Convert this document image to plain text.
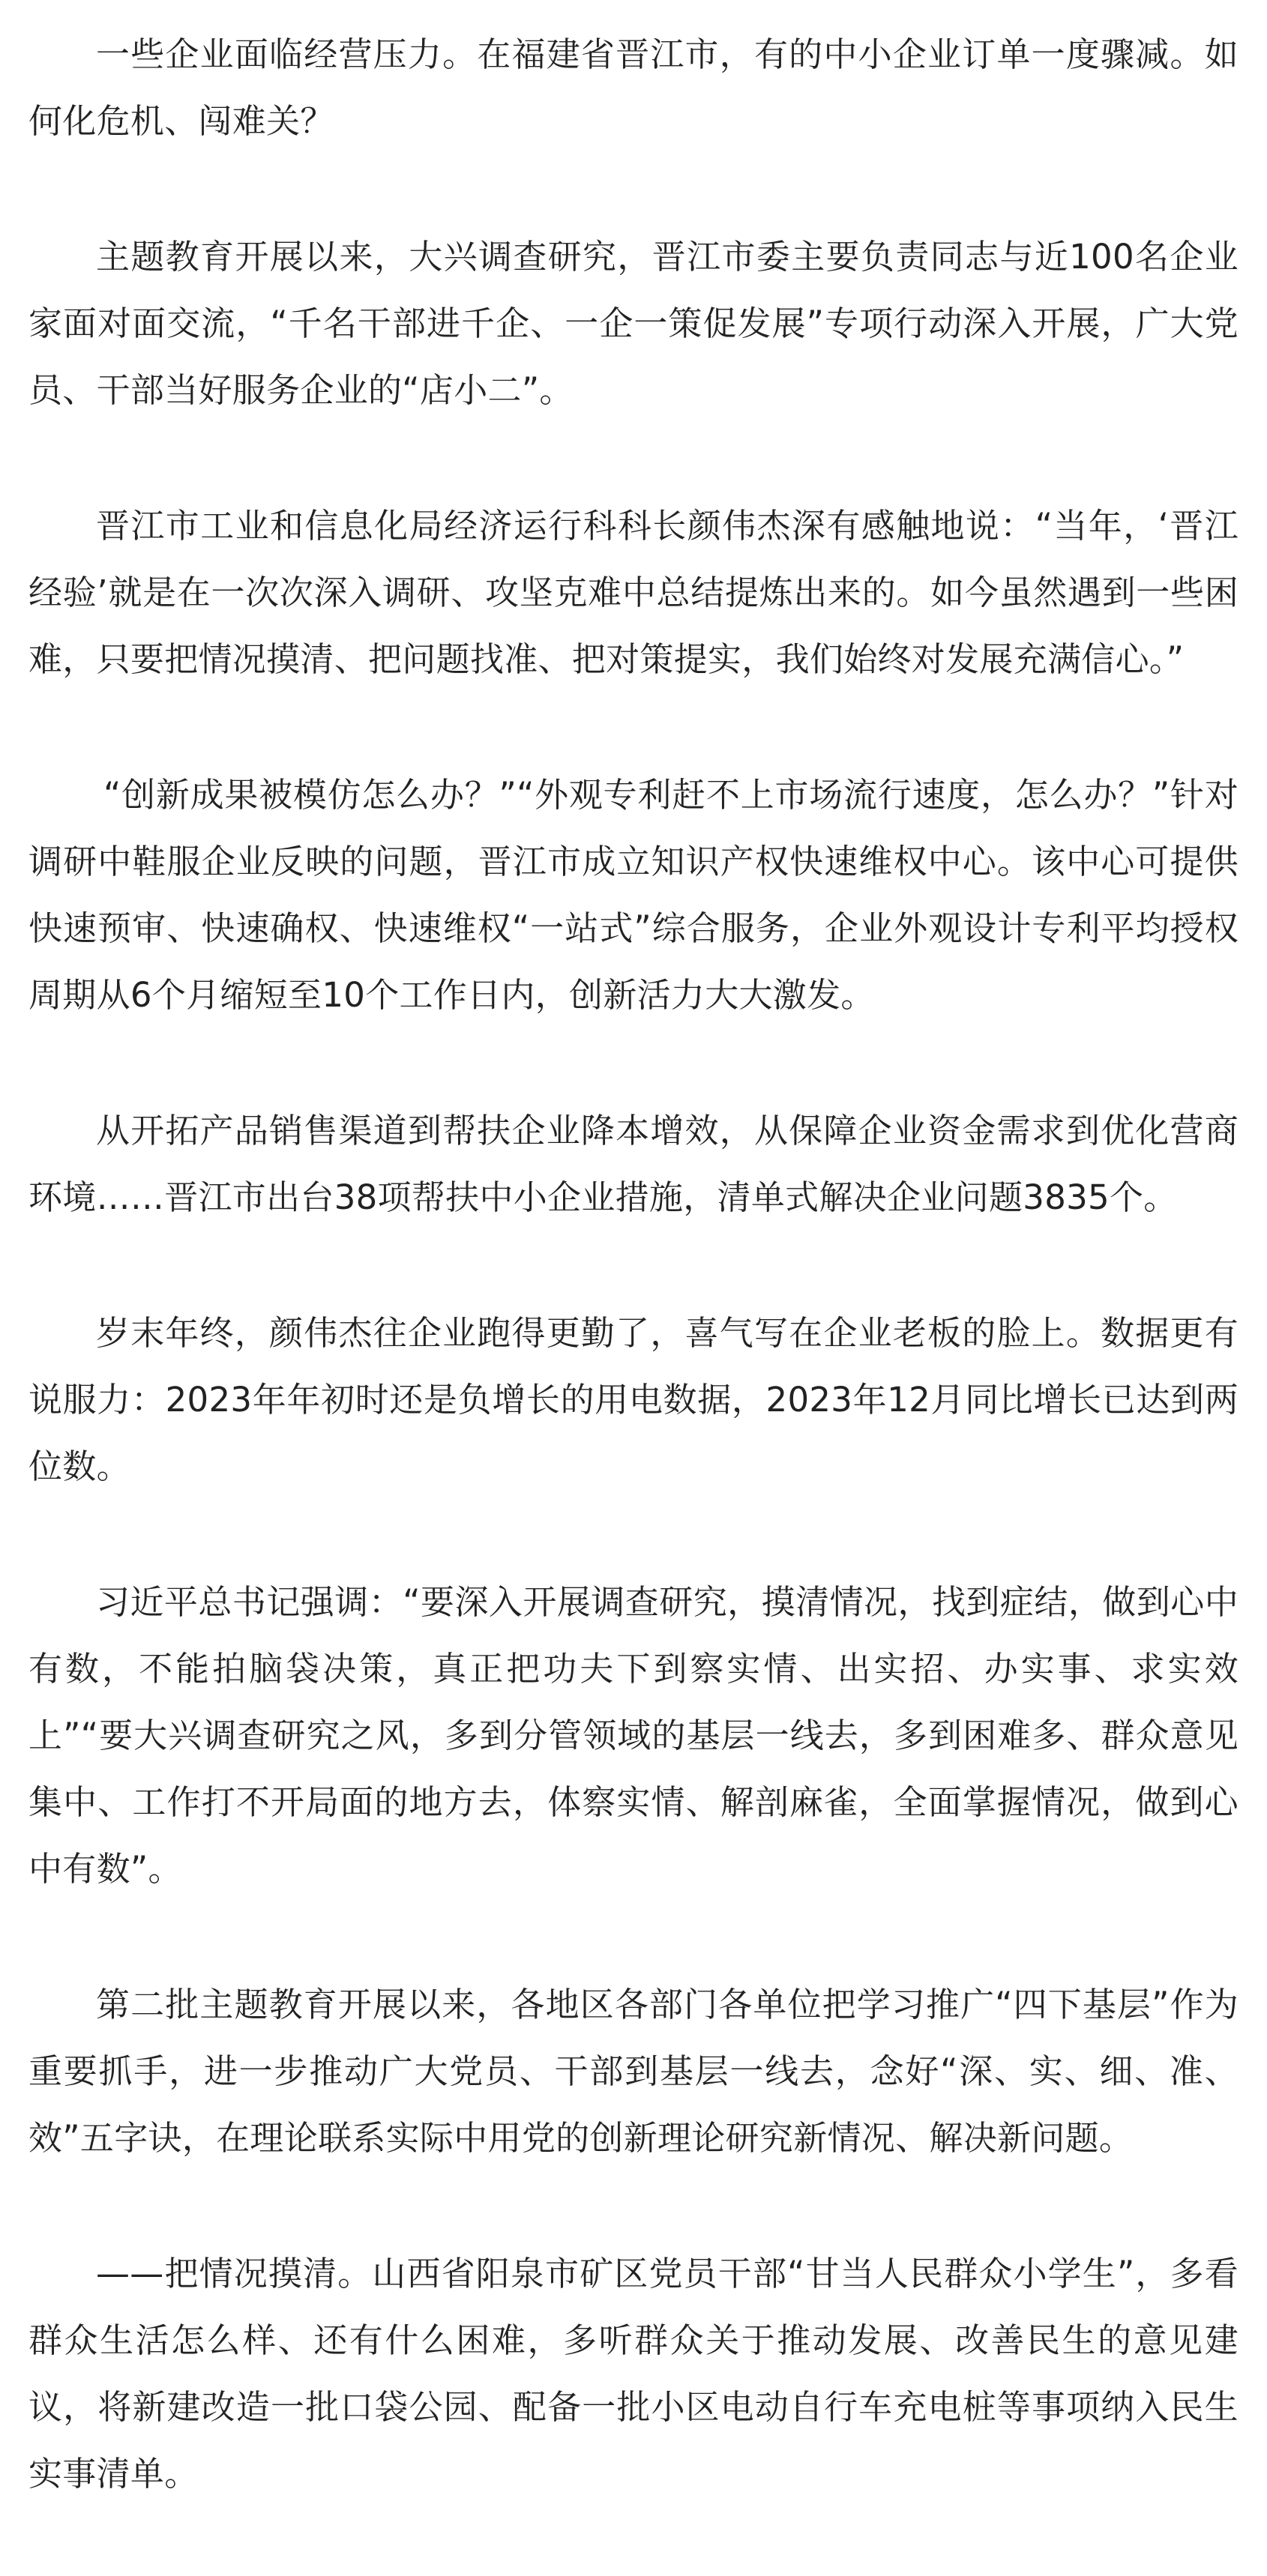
一些企业面临经营压力。在福建省晋江市，有的中小企业订单一度骤减。如何化危机、闯难关？

主题教育开展以来，大兴调查研究，晋江市委主要负责同志与近100名企业家面对面交流，“千名干部进千企、一企一策促发展”专项行动深入开展，广大党员、干部当好服务企业的“店小二”。

晋江市工业和信息化局经济运行科科长颜伟杰深有感触地说：“当年，‘晋江经验’就是在一次次深入调研、攻坚克难中总结提炼出来的。如今虽然遇到一些困难，只要把情况摸清、把问题找准、把对策提实，我们始终对发展充满信心。”

“创新成果被模仿怎么办？”“外观专利赶不上市场流行速度，怎么办？”针对调研中鞋服企业反映的问题，晋江市成立知识产权快速维权中心。该中心可提供快速预审、快速确权、快速维权“一站式”综合服务，企业外观设计专利平均授权周期从6个月缩短至10个工作日内，创新活力大大激发。

从开拓产品销售渠道到帮扶企业降本增效，从保障企业资金需求到优化营商环境……晋江市出台38项帮扶中小企业措施，清单式解决企业问题3835个。

岁末年终，颜伟杰往企业跑得更勤了，喜气写在企业老板的脸上。数据更有说服力：2023年年初时还是负增长的用电数据，2023年12月同比增长已达到两位数。

习近平总书记强调：“要深入开展调查研究，摸清情况，找到症结，做到心中有数，不能拍脑袋决策，真正把功夫下到察实情、出实招、办实事、求实效上”“要大兴调查研究之风，多到分管领域的基层一线去，多到困难多、群众意见集中、工作打不开局面的地方去，体察实情、解剖麻雀，全面掌握情况，做到心中有数”。

第二批主题教育开展以来，各地区各部门各单位把学习推广“四下基层”作为重要抓手，进一步推动广大党员、干部到基层一线去，念好“深、实、细、准、效”五字诀，在理论联系实际中用党的创新理论研究新情况、解决新问题。

——把情况摸清。山西省阳泉市矿区党员干部“甘当人民群众小学生”，多看群众生活怎么样、还有什么困难，多听群众关于推动发展、改善民生的意见建议，将新建改造一批口袋公园、配备一批小区电动自行车充电桩等事项纳入民生实事清单。
